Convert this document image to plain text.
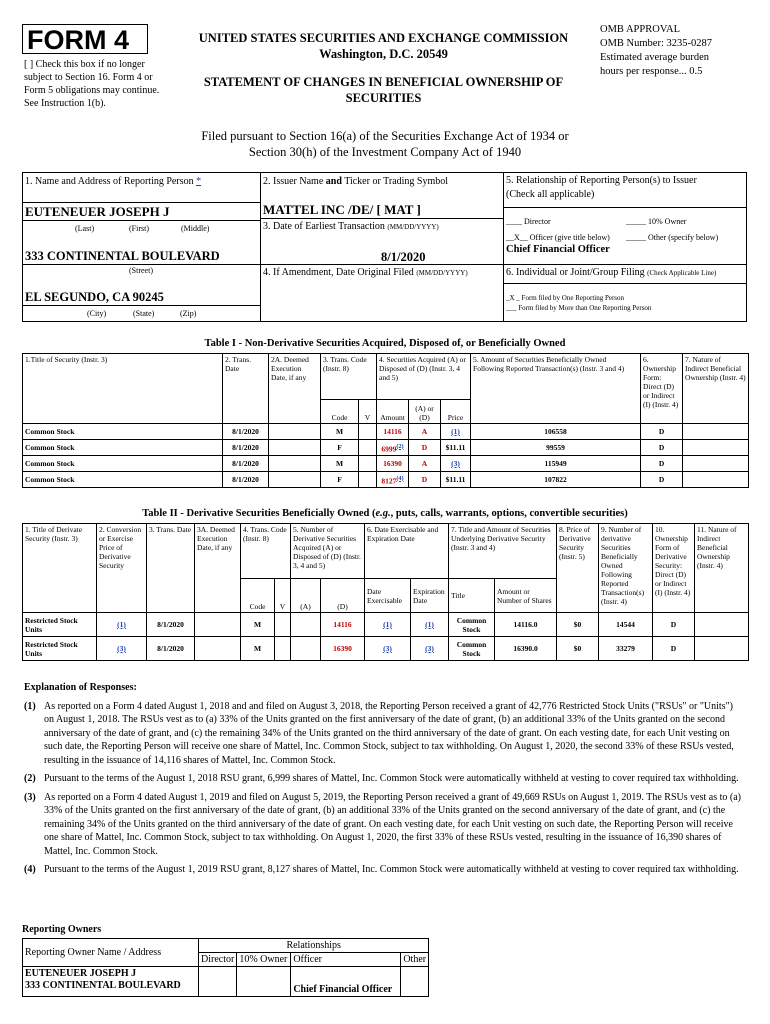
FORM 4
[ ] Check this box if no longer subject to Section 16. Form 4 or Form 5 obligations may continue. See Instruction 1(b).
UNITED STATES SECURITIES AND EXCHANGE COMMISSION
Washington, D.C. 20549
STATEMENT OF CHANGES IN BENEFICIAL OWNERSHIP OF SECURITIES
OMB APPROVAL
OMB Number: 3235-0287
Estimated average burden
hours per response... 0.5
Filed pursuant to Section 16(a) of the Securities Exchange Act of 1934 or
Section 30(h) of the Investment Company Act of 1940
1. Name and Address of Reporting Person *
EUTENEUER JOSEPH J
(Last)	(First)	(Middle)
333 CONTINENTAL BOULEVARD
(Street)
EL SEGUNDO, CA 90245
(City)	(State)	(Zip)
2. Issuer Name and Ticker or Trading Symbol
MATTEL INC /DE/ [ MAT ]
3. Date of Earliest Transaction (MM/DD/YYYY)
8/1/2020
4. If Amendment, Date Original Filed (MM/DD/YYYY)
5. Relationship of Reporting Person(s) to Issuer
(Check all applicable)
____ Director	_____ 10% Owner
__X__ Officer (give title below) _____ Other (specify below)
Chief Financial Officer
6. Individual or Joint/Group Filing (Check Applicable Line)
_X _ Form filed by One Reporting Person
___ Form filed by More than One Reporting Person
Table I - Non-Derivative Securities Acquired, Disposed of, or Beneficially Owned
1.Title of Security (Instr. 3)	2. Trans. Date	2A. Deemed Execution Date, if any	3. Trans. Code (Instr. 8)		4. Securities Acquired (A) or Disposed of (D) (Instr. 3, 4 and 5)			5. Amount of Securities Beneficially Owned Following Reported Transaction(s) (Instr. 3 and 4)	6. Ownership Form: Direct (D) or Indirect (I) (Instr. 4)	7. Nature of Indirect Beneficial Ownership (Instr. 4)
			Code	V	Amount	(A) or (D)	Price			
Common Stock	8/1/2020		M		14116	A	(1)	106558	D	
Common Stock	8/1/2020		F		6999$^{(2)}$	D	$11.11	99559	D	
Common Stock	8/1/2020		M		16390	A	(3)	115949	D	
Common Stock	8/1/2020		F		8127$^{(4)}$	D	$11.11	107822	D	
Table II - Derivative Securities Beneficially Owned (e.g., puts, calls, warrants, options, convertible securities)
1. Title of Derivate Security (Instr. 3)	2. Conversion or Exercise Price of Derivative Security	3. Trans. Date	3A. Deemed Execution Date, if any	4. Trans. Code (Instr. 8)		5. Number of Derivative Securities Acquired (A) or Disposed of (D) (Instr. 3, 4 and 5)		6. Date Exercisable and Expiration Date		7. Title and Amount of Securities Underlying Derivative Security (Instr. 3 and 4)		8. Price of Derivative Security (Instr. 5)	9. Number of derivative Securities Beneficially Owned Following Reported Transaction(s) (Instr. 4)	10. Ownership Form of Derivative Security: Direct (D) or Indirect (I) (Instr. 4)	11. Nature of Indirect Beneficial Ownership (Instr. 4)
				Code	V	(A)	(D)	Date Exercisable	Expiration Date	Title	Amount or Number of Shares				
Restricted Stock Units	(1)	8/1/2020		M			14116	(1)	(1)	Common Stock	14116.0	$0	14544	D	
Restricted Stock Units	(3)	8/1/2020		M			16390	(3)	(3)	Common Stock	16390.0	$0	33279	D	
Explanation of Responses:
(1) As reported on a Form 4 dated August 1, 2018 and and filed on August 3, 2018, the Reporting Person received a grant of 42,776 Restricted Stock Units ("RSUs" or "Units") on August 1, 2018. The RSUs vest as to (a) 33% of the Units granted on the first anniversary of the date of grant, (b) an additional 33% of the Units granted on the second anniversary of the date of grant, and (c) the remaining 34% of the Units granted on the third anniversary of the date of grant. On each vesting date, for each Unit vesting on such date, the Reporting Person will receive one share of Mattel, Inc. Common Stock, subject to tax withholding. On August 1, 2020, the second 33% of these RSUs vested, resulting in the issuance of 14,116 shares of Mattel, Inc. Common Stock.
(2) Pursuant to the terms of the August 1, 2018 RSU grant, 6,999 shares of Mattel, Inc. Common Stock were automatically withheld at vesting to cover required tax withholding.
(3) As reported on a Form 4 dated August 1, 2019 and filed on August 5, 2019, the Reporting Person received a grant of 49,669 RSUs on August 1, 2019. The RSUs vest as to (a) 33% of the Units granted on the first anniversary of the date of grant, (b) an additional 33% of the Units granted on the second anniversary of the date of grant, and (c) the remaining 34% of the Units granted on the third anniversary of the date of grant. On each vesting date, for each Unit vesting on such date, the Reporting Person will receive one share of Mattel, Inc. Common Stock, subject to tax withholding. On August 1, 2020, the first 33% of these RSUs vested, resulting in the issuance of 16,390 shares of Mattel, Inc. Common Stock.
(4) Pursuant to the terms of the August 1, 2019 RSU grant, 8,127 shares of Mattel, Inc. Common Stock were automatically withheld at vesting to cover required tax withholding.
Reporting Owners
Reporting Owner Name / Address	Relationships			
	Director	10% Owner	Officer	Other

EUTENEUER JOSEPH J
333 CONTINENTAL BOULEVARD			Chief Financial Officer	
